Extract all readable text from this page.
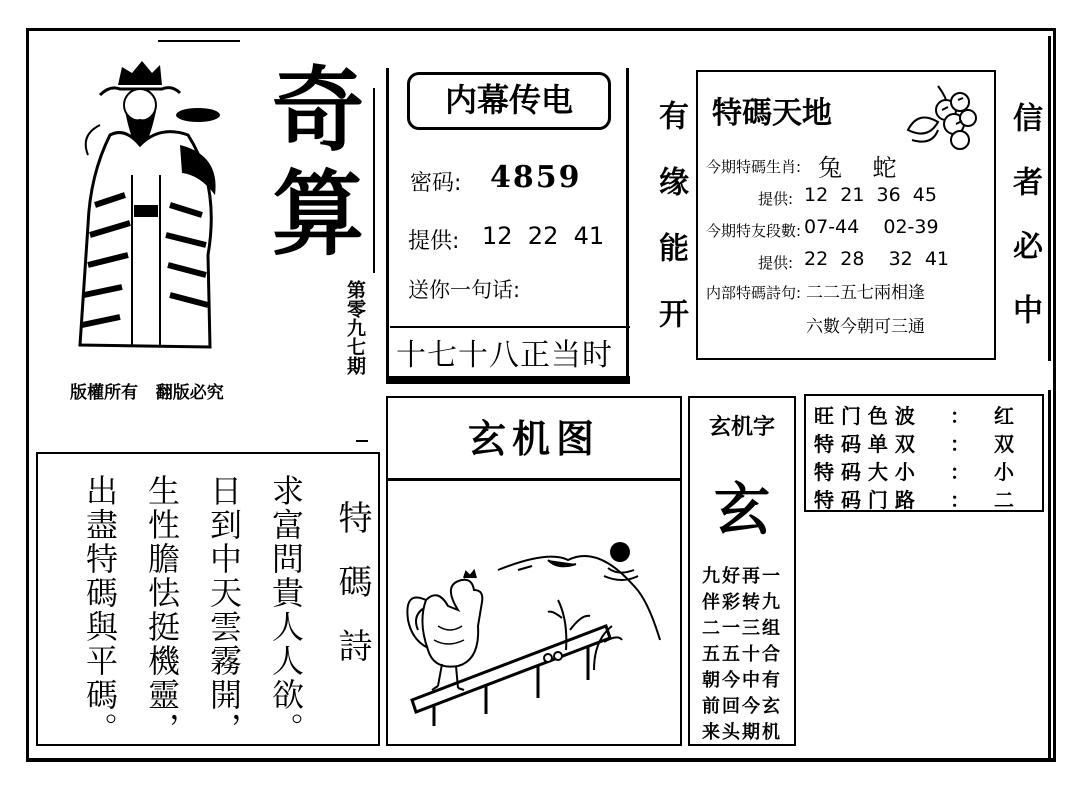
奇
算
第零九七期
版權所有   翻版必究
内幕传电
密码: 4859
提供: 12  22  41
送你一句话:
十七十八正当时 有缘能开 特碼天地
今期特碼生肖: 兔    蛇
提供: 12  21  36  45
今期特友段數: 07-44    02-39
提供: 22  28    32  41
内部特碼詩句: 二二五七兩相逢
六數今朝可三通	信者必中
玄机图	玄机字
玄
九好再一
伴彩转九
二一三组
五五十合
朝今中有
前回今玄
来头期机
旺 门 色 波 ： 红
特 码 单 双 ： 双
特 码 大 小 ： 小
特 码 门 路 ： 二
特碼詩
求富問貴人人欲。
日到中天雲霧開，
生性膽怯挺機靈，
出盡特碼與平碼。
